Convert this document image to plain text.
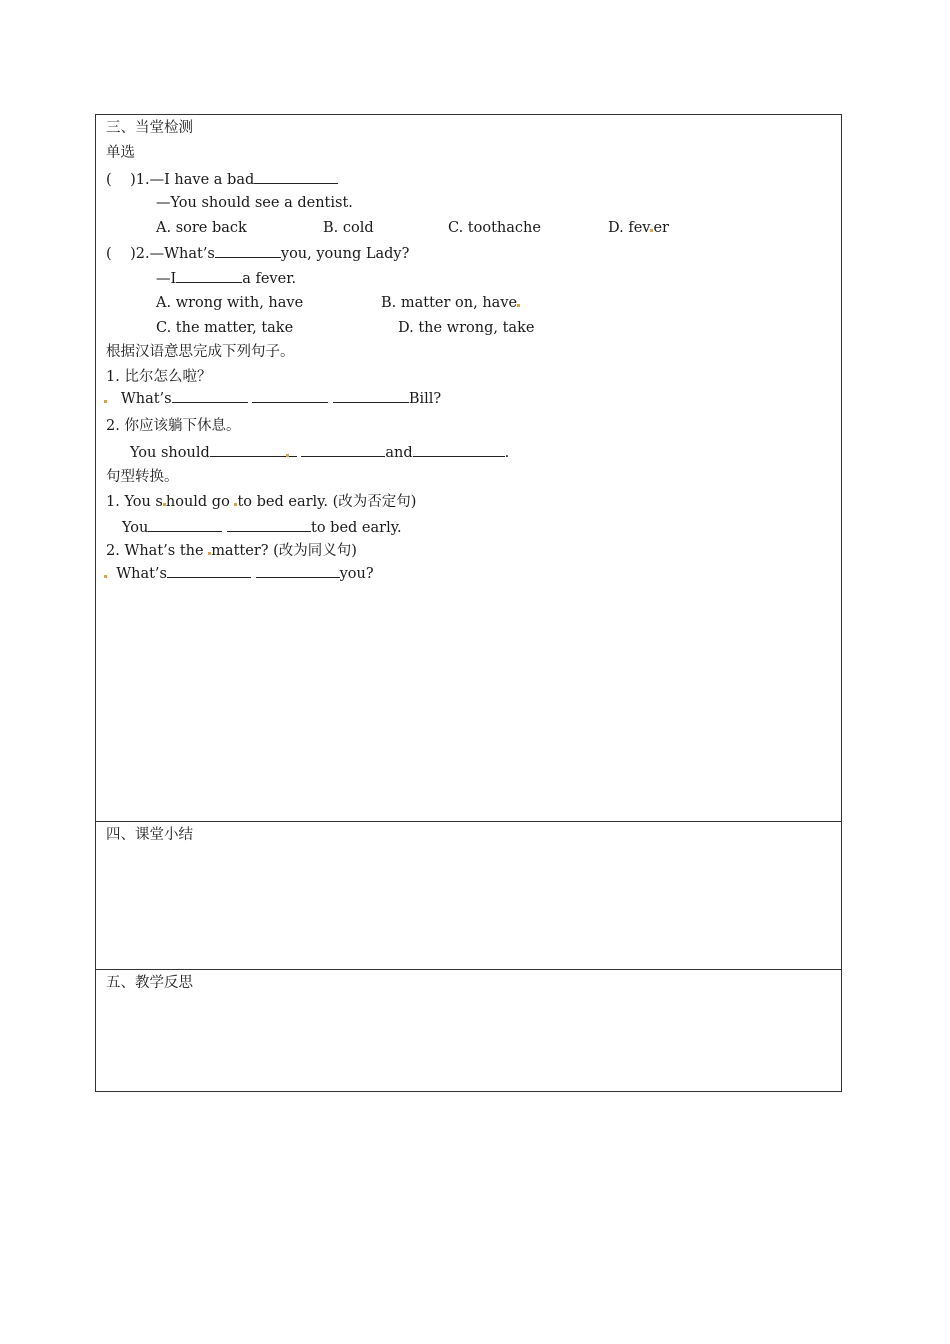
三、当堂检测
单选
(    )1.—I have a bad
—You should see a dentist.
A. sore back	B. cold	C. toothache	D. fev er
(    )2.—What’s	you, young Lady?
—I	a fever.
A. wrong with, have	B. matter on, have
C. the matter, take	D. the wrong, take
根据汉语意思完成下列句子。
1. 比尔怎么啦？
What’s	Bill?
2. 你应该躺下休息。
You should	and	.
句型转换。
1. You s hould go to bed early. (改为否定句)
You	to bed early.
2. What’s the matter? (改为同义句)
What’s	you?
四、课堂小结
五、教学反思
